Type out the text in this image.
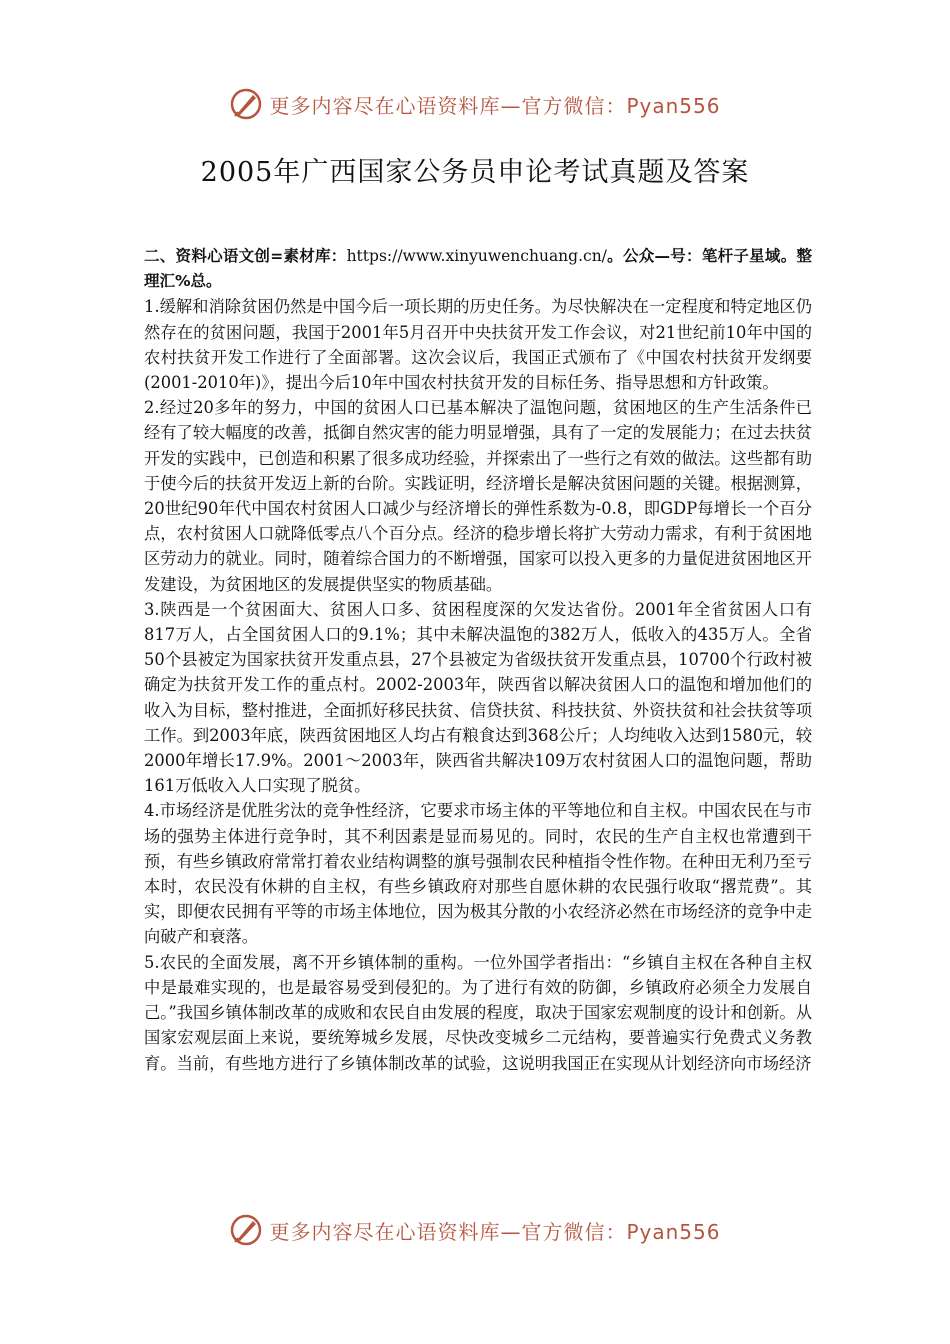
更多内容尽在心语资料库—官方微信：Pyan556
2005年广西国家公务员申论考试真题及答案

二、资料心语文创=素材库：https://www.xinyuwenchuang.cn/。公众—号：笔杆子星域。整理汇%总。

1.缓解和消除贫困仍然是中国今后一项长期的历史任务。为尽快解决在一定程度和特定地区仍然存在的贫困问题，我国于2001年5月召开中央扶贫开发工作会议，对21世纪前10年中国的农村扶贫开发工作进行了全面部署。这次会议后，我国正式颁布了《中国农村扶贫开发纲要(2001-2010年)》，提出今后10年中国农村扶贫开发的目标任务、指导思想和方针政策。

2.经过20多年的努力，中国的贫困人口已基本解决了温饱问题，贫困地区的生产生活条件已经有了较大幅度的改善，抵御自然灾害的能力明显增强，具有了一定的发展能力；在过去扶贫开发的实践中，已创造和积累了很多成功经验，并探索出了一些行之有效的做法。这些都有助于使今后的扶贫开发迈上新的台阶。实践证明，经济增长是解决贫困问题的关键。根据测算，20世纪90年代中国农村贫困人口减少与经济增长的弹性系数为-0.8，即GDP每增长一个百分点，农村贫困人口就降低零点八个百分点。经济的稳步增长将扩大劳动力需求，有利于贫困地区劳动力的就业。同时，随着综合国力的不断增强，国家可以投入更多的力量促进贫困地区开发建设，为贫困地区的发展提供坚实的物质基础。

3.陕西是一个贫困面大、贫困人口多、贫困程度深的欠发达省份。2001年全省贫困人口有817万人，占全国贫困人口的9.1%；其中未解决温饱的382万人，低收入的435万人。全省50个县被定为国家扶贫开发重点县，27个县被定为省级扶贫开发重点县，10700个行政村被确定为扶贫开发工作的重点村。2002-2003年，陕西省以解决贫困人口的温饱和增加他们的收入为目标，整村推进，全面抓好移民扶贫、信贷扶贫、科技扶贫、外资扶贫和社会扶贫等项工作。到2003年底，陕西贫困地区人均占有粮食达到368公斤；人均纯收入达到1580元，较2000年增长17.9%。2001～2003年，陕西省共解决109万农村贫困人口的温饱问题，帮助161万低收入人口实现了脱贫。

4.市场经济是优胜劣汰的竞争性经济，它要求市场主体的平等地位和自主权。中国农民在与市场的强势主体进行竞争时，其不利因素是显而易见的。同时，农民的生产自主权也常遭到干预，有些乡镇政府常常打着农业结构调整的旗号强制农民种植指令性作物。在种田无利乃至亏本时，农民没有休耕的自主权，有些乡镇政府对那些自愿休耕的农民强行收取“撂荒费”。其实，即便农民拥有平等的市场主体地位，因为极其分散的小农经济必然在市场经济的竞争中走向破产和衰落。

5.农民的全面发展，离不开乡镇体制的重构。一位外国学者指出：“乡镇自主权在各种自主权中是最难实现的，也是最容易受到侵犯的。为了进行有效的防御，乡镇政府必须全力发展自己。”我国乡镇体制改革的成败和农民自由发展的程度，取决于国家宏观制度的设计和创新。从国家宏观层面上来说，要统筹城乡发展，尽快改变城乡二元结构，要普遍实行免费式义务教育。当前，有些地方进行了乡镇体制改革的试验，这说明我国正在实现从计划经济向市场经济

更多内容尽在心语资料库—官方微信：Pyan556
